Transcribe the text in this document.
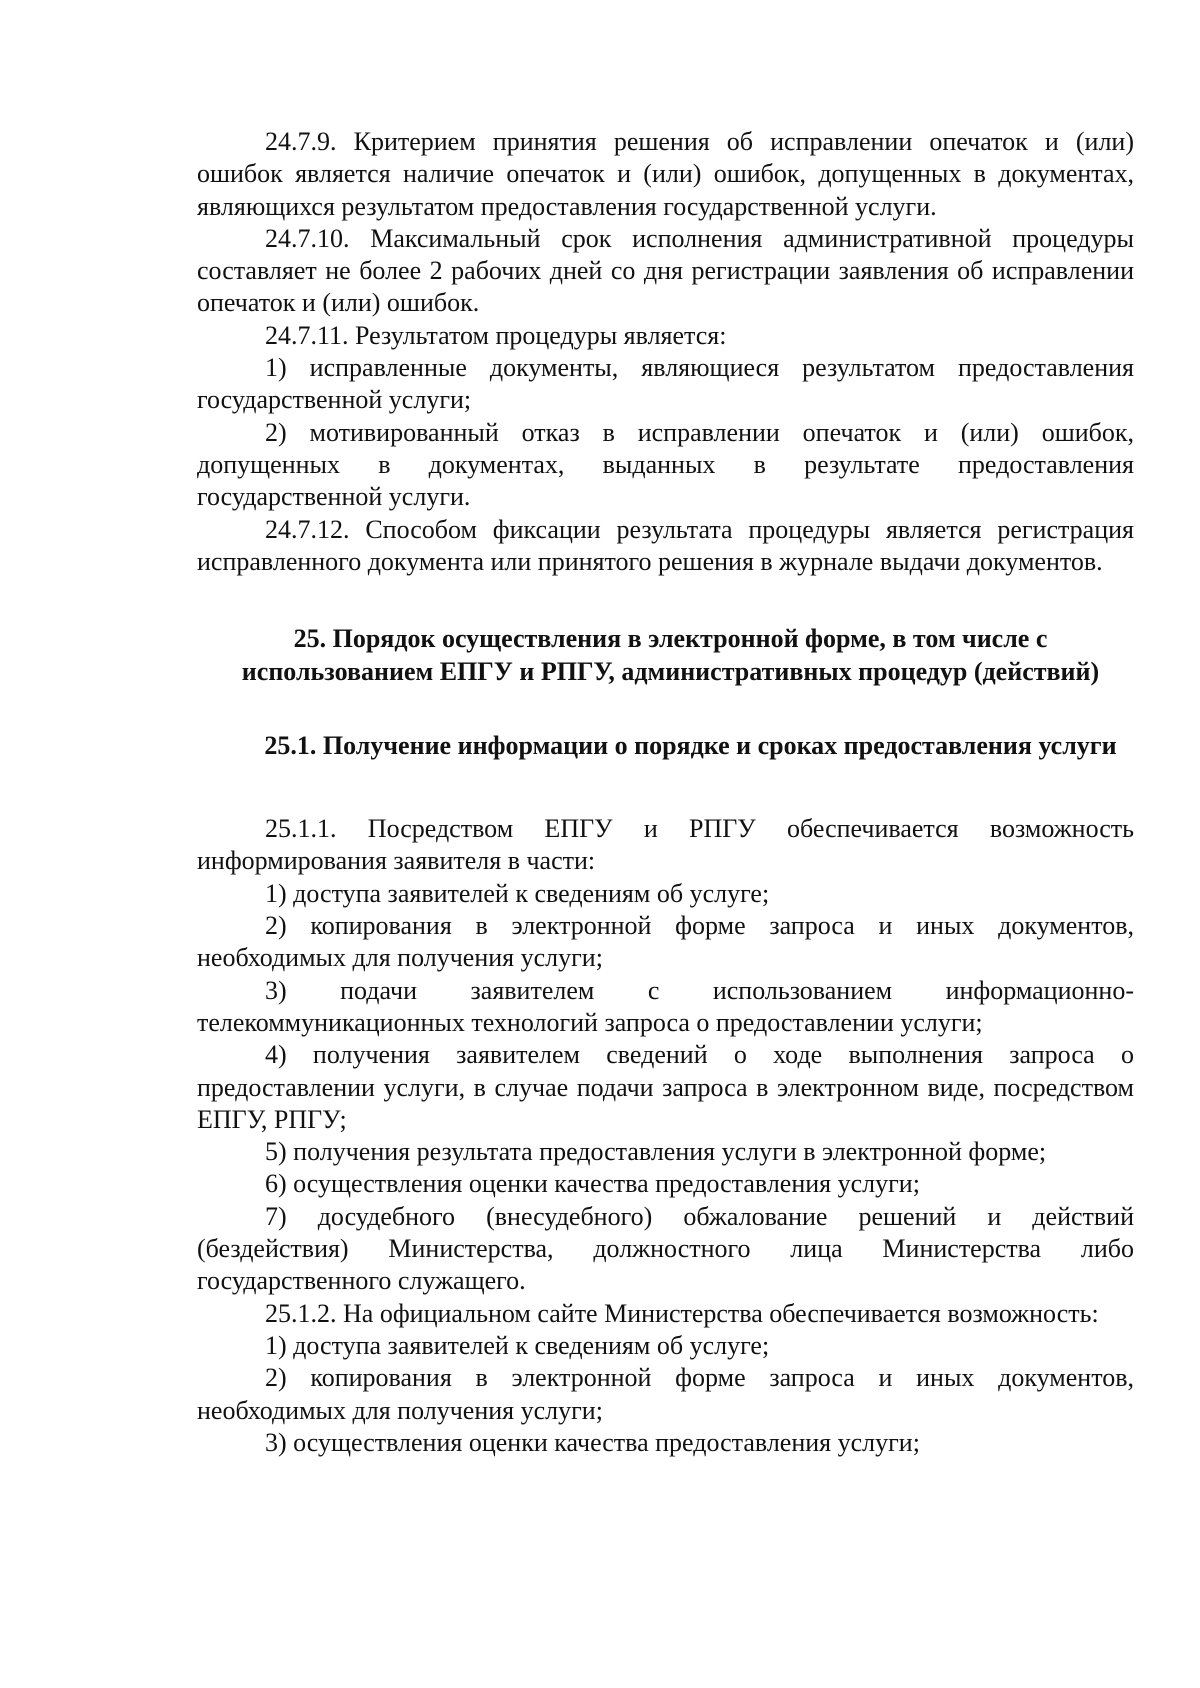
24.7.9. Критерием принятия решения об исправлении опечаток и (или) ошибок является наличие опечаток и (или) ошибок, допущенных в документах, являющихся результатом предоставления государственной услуги.

24.7.10. Максимальный срок исполнения административной процедуры составляет не более 2 рабочих дней со дня регистрации заявления об исправлении опечаток и (или) ошибок.

24.7.11. Результатом процедуры является:

1) исправленные документы, являющиеся результатом предоставления государственной услуги;

2) мотивированный отказ в исправлении опечаток и (или) ошибок, допущенных в документах, выданных в результате предоставления государственной услуги.

24.7.12. Способом фиксации результата процедуры является регистрация исправленного документа или принятого решения в журнале выдачи документов.

25. Порядок осуществления в электронной форме, в том числе с использованием ЕПГУ и РПГУ, административных процедур (действий)
25.1. Получение информации о порядке и сроках предоставления услуги

25.1.1. Посредством ЕПГУ и РПГУ обеспечивается возможность информирования заявителя в части:

1) доступа заявителей к сведениям об услуге;

2) копирования в электронной форме запроса и иных документов, необходимых для получения услуги;

3) подачи заявителем с использованием информационно-телекоммуникационных технологий запроса о предоставлении услуги;

4) получения заявителем сведений о ходе выполнения запроса о предоставлении услуги, в случае подачи запроса в электронном виде, посредством ЕПГУ, РПГУ;

5) получения результата предоставления услуги в электронной форме;

6) осуществления оценки качества предоставления услуги;

7) досудебного (внесудебного) обжалование решений и действий (бездействия) Министерства, должностного лица Министерства либо государственного служащего.

25.1.2. На официальном сайте Министерства обеспечивается возможность:

1) доступа заявителей к сведениям об услуге;

2) копирования в электронной форме запроса и иных документов, необходимых для получения услуги;

3) осуществления оценки качества предоставления услуги;
